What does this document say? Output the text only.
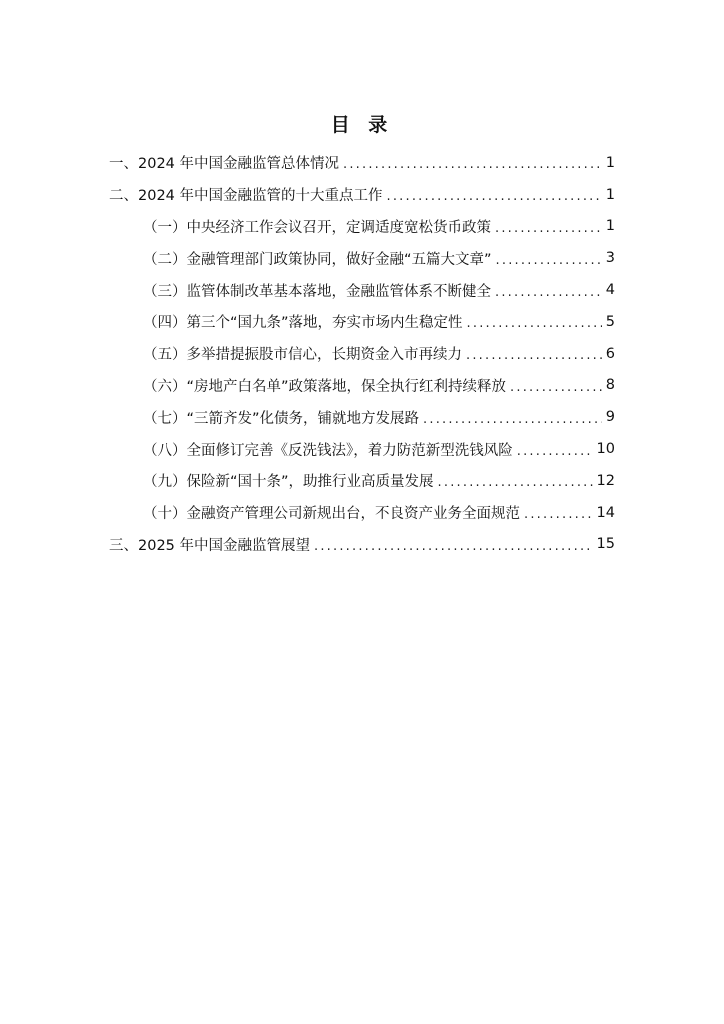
目 录
一、2024 年中国金融监管总体情况 .....	1
二、2024 年中国金融监管的十大重点工作 .....	1
（一）中央经济工作会议召开，定调适度宽松货币政策 .....	1
（二）金融管理部门政策协同，做好金融“五篇大文章” .....	3
（三）监管体制改革基本落地，金融监管体系不断健全 .....	4
（四）第三个“国九条”落地，夯实市场内生稳定性 .....	5
（五）多举措提振股市信心，长期资金入市再续力 .....	6
（六）“房地产白名单”政策落地，保全执行红利持续释放 .....	8
（七）“三箭齐发”化债务，铺就地方发展路 .....	9
（八）全面修订完善《反洗钱法》，着力防范新型洗钱风险 .....	10
（九）保险新“国十条”，助推行业高质量发展 .....	12
（十）金融资产管理公司新规出台，不良资产业务全面规范 .....	14
三、2025 年中国金融监管展望 .....	15
